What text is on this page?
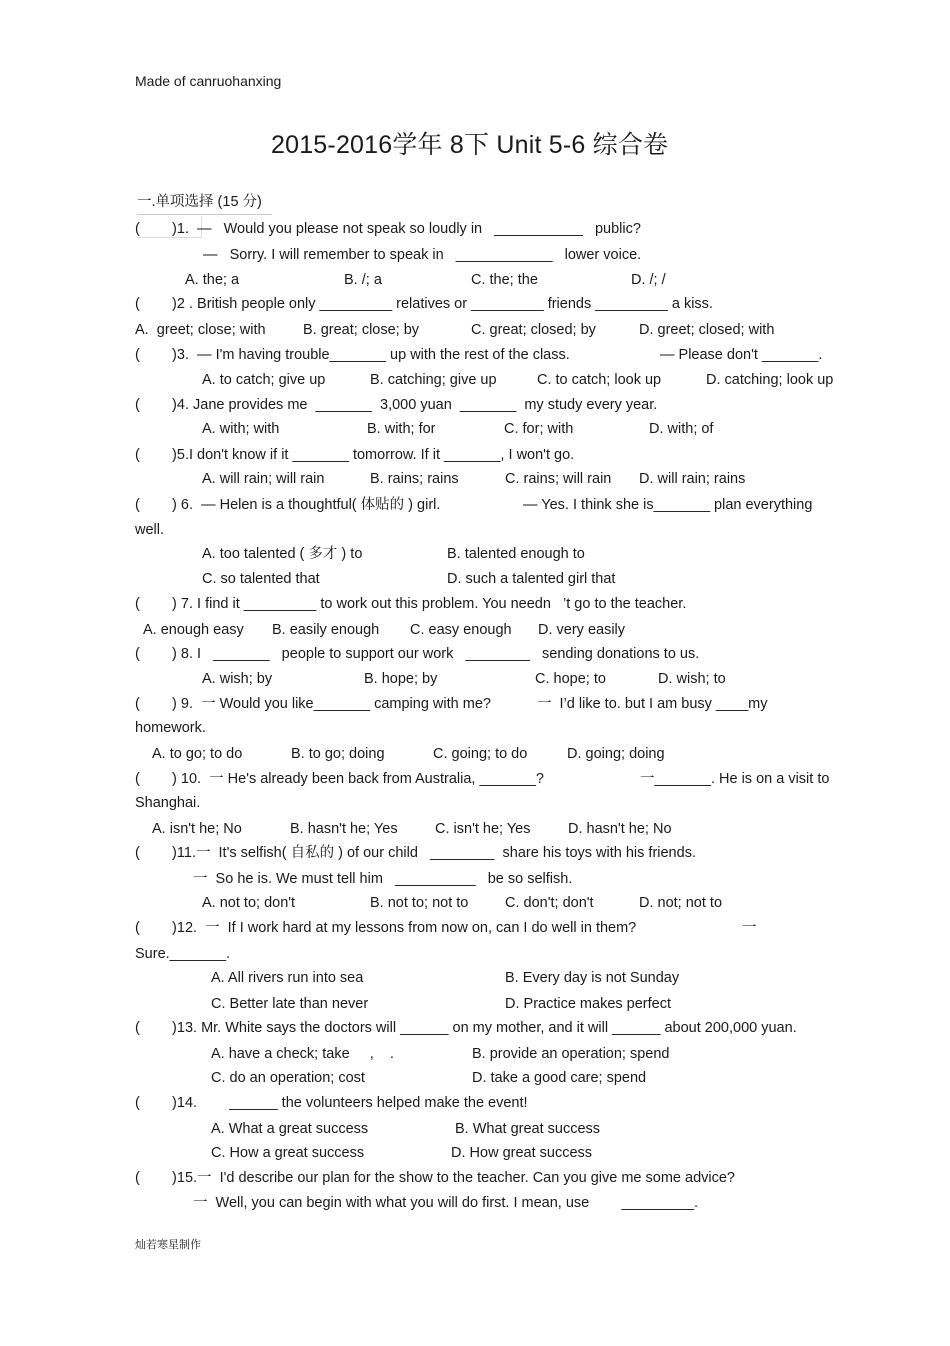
Made of canruohanxing
2015-2016学年 8下 Unit 5-6 综合卷
一.单项选择 (15 分)
(        )1.  —   Would you please not speak so loudly in   ___________   public?
—   Sorry. I will remember to speak in   ____________   lower voice.
A. the; a	B. /; a	C. the; the	D. /; /
(        )2 . British people only _________ relatives or _________ friends _________ a kiss.
A.  greet; close; with	B. great; close; by	C. great; closed; by	D. greet; closed; with
(        )3.  — I'm having trouble_______ up with the rest of the class.	— Please don't _______.
A. to catch; give up	B. catching; give up	C. to catch; look up	D. catching; look up
(        )4. Jane provides me  _______  3,000 yuan  _______  my study every year.
A. with; with	B. with; for	C. for; with	D. with; of
(        )5.I don't know if it _______ tomorrow. If it _______, I won't go.
A. will rain; will rain	B. rains; rains	C. rains; will rain D. will rain; rains
(        ) 6.  — Helen is a thoughtful( 体贴的 ) girl.	— Yes. I think she is_______ plan everything
well.
A. too talented ( 多才 ) to	B. talented enough to
C. so talented that	D. such a talented girl that
(        ) 7. I find it _________ to work out this problem. You needn   ’t go to the teacher.
A. enough easy B. easily enough C. easy enough D. very easily
(        ) 8. I   _______   people to support our work   ________   sending donations to us.
A. wish; by	B. hope; by	C. hope; to	D. wish; to
(        ) 9.  一 Would you like_______ camping with me?	一  I’d like to. but I am busy ____my
homework.
A. to go; to do	B. to go; doing	C. going; to do	D. going; doing
(        ) 10.  一 He's already been back from Australia, _______?	一_______. He is on a visit to
Shanghai.
A. isn't he; No	B. hasn't he; Yes	C. isn't he; Yes	D. hasn't he; No
(        )11.一  It's selfish( 自私的 ) of our child   ________  share his toys with his friends.
一  So he is. We must tell him   __________   be so selfish.
A. not to; don't	B. not to; not to	C. don't; don't	D. not; not to
(        )12.  一  If I work hard at my lessons from now on, can I do well in them?	一
Sure._______.
A. All rivers run into sea	B. Every day is not Sunday
C. Better late than never	D. Practice makes perfect
(        )13. Mr. White says the doctors will ______ on my mother, and it will ______ about 200,000 yuan.
A. have a check; take     ,    .	B. provide an operation; spend
C. do an operation; cost	D. take a good care; spend
(        )14.        ______ the volunteers helped make the event!
A. What a great success	B. What great success
C. How a great success	D. How great success
(        )15.一  I'd describe our plan for the show to the teacher. Can you give me some advice?
一  Well, you can begin with what you will do first. I mean, use        _________.
灿若寒星制作
